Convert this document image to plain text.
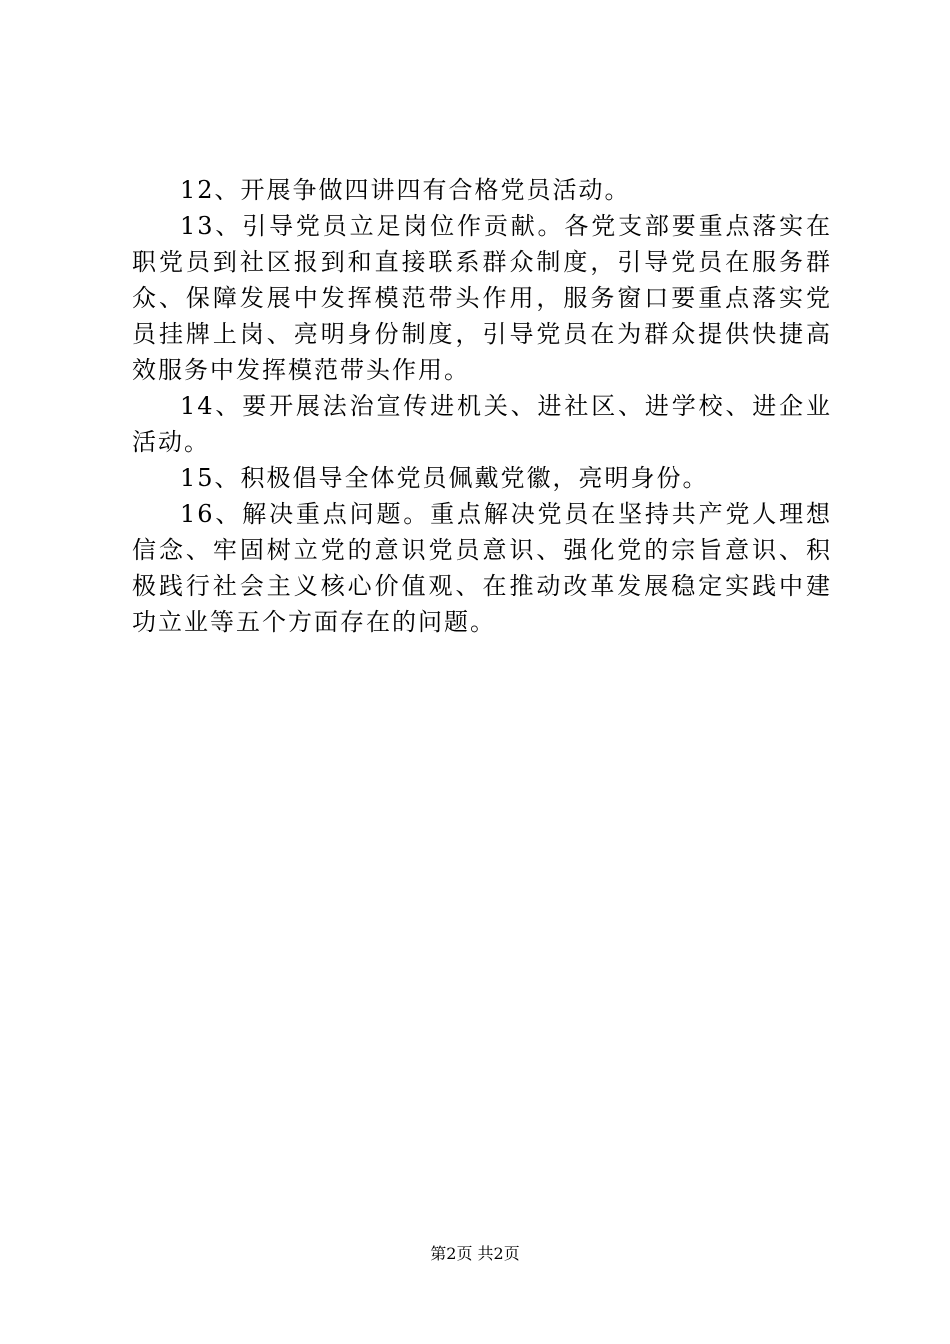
12、开展争做四讲四有合格党员活动。

13、引导党员立足岗位作贡献。各党支部要重点落实在职党员到社区报到和直接联系群众制度，引导党员在服务群众、保障发展中发挥模范带头作用，服务窗口要重点落实党员挂牌上岗、亮明身份制度，引导党员在为群众提供快捷高效服务中发挥模范带头作用。

14、要开展法治宣传进机关、进社区、进学校、进企业活动。

15、积极倡导全体党员佩戴党徽，亮明身份。

16、解决重点问题。重点解决党员在坚持共产党人理想信念、牢固树立党的意识党员意识、强化党的宗旨意识、积极践行社会主义核心价值观、在推动改革发展稳定实践中建功立业等五个方面存在的问题。

第2页 共2页
